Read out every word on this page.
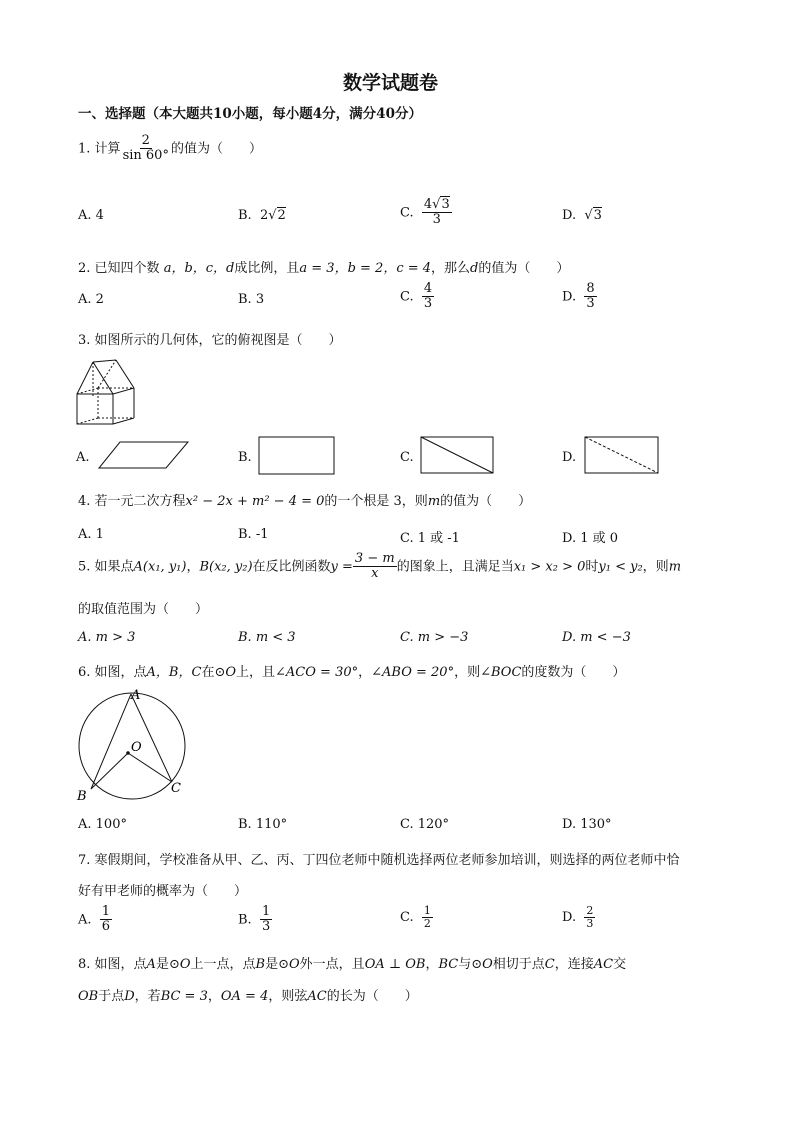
数学试题卷
一、选择题（本大题共10小题，每小题4分，满分40分）
1. 计算 $\frac{2}{\sin 60^\circ}$ 的值为（　　）
A. 4	B. 2√2	C. $\frac{4√3}{3}$	D.  √3
2. 已知四个数 a，b，c，d成比例，且a = 3，b = 2，c = 4，那么d的值为（　　）
A. 2	B. 3	C. $\frac{4}{3}$	D. $\frac{8}{3}$
3. 如图所示的几何体，它的俯视图是（　　）
A.	B.	C.	D.
4. 若一元二次方程x² − 2x + m² − 4 = 0的一个根是 3，则m的值为（　　）
A. 1	B. -1	C. 1 或 -1	D. 1 或 0
5. 如果点A(x₁, y₁)，B(x₂, y₂)在反比例函数$y = \frac{3 - m}{x}$ 的图象上，且满足当x₁ > x₂ > 0时y₁ < y₂，则m
的取值范围为（　　）
A. m > 3	B. m < 3	C. m > −3	D. m < −3
6. 如图，点A，B，C在⊙O上，且∠ACO = 30°，∠ABO = 20°，则∠BOC的度数为（　　）
A
B
C
O
A. 100°	B. 110°	C. 120°	D. 130°
7. 寒假期间，学校准备从甲、乙、丙、丁四位老师中随机选择两位老师参加培训，则选择的两位老师中恰
好有甲老师的概率为（　　）
A. $\frac{1}{6}$	B. $\frac{1}{3}$	C. $\frac{1}{2}$	D. $\frac{2}{3}$
8. 如图，点A是⊙O上一点，点B是⊙O外一点，且OA ⊥ OB，BC与⊙O相切于点C，连接AC交
OB于点D，若BC = 3，OA = 4，则弦AC的长为（　　）
